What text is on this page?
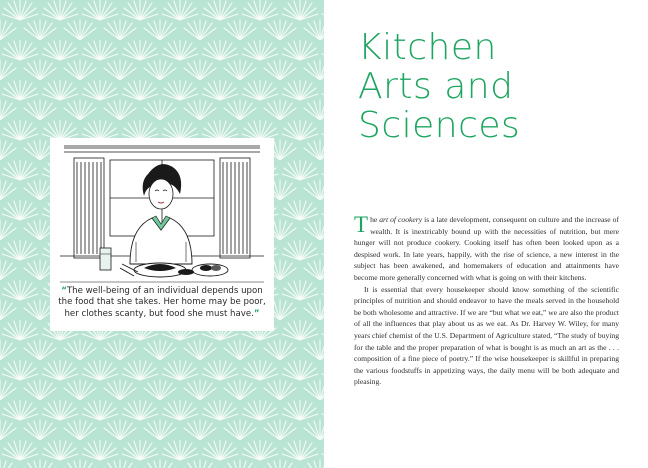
“The well-being of an individual depends upon the food that she takes. Her home may be poor, her clothes scanty, but food she must have.”
Kitchen
Arts and
Sciences

The art of cookery is a late development, consequent on culture and the increase of wealth. It is inextricably bound up with the necessities of nutrition, but mere hunger will not produce cookery. Cooking itself has often been looked upon as a despised work. In late years, happily, with the rise of science, a new interest in the subject has been awakened, and homemakers of education and attainments have become more generally concerned with what is going on with their kitchens.

It is essential that every housekeeper should know something of the scientific principles of nutrition and should endeavor to have the meals served in the household be both wholesome and attractive. If we are “but what we eat,” we are also the product of all the influences that play about us as we eat. As Dr. Harvey W. Wiley, for many years chief chemist of the U.S. Department of Agriculture stated, “The study of buying for the table and the proper preparation of what is bought is as much an art as the . . . composition of a fine piece of poetry.” If the wise housekeeper is skillful in preparing the various foodstuffs in appetizing ways, the daily menu will be both adequate and pleasing.
